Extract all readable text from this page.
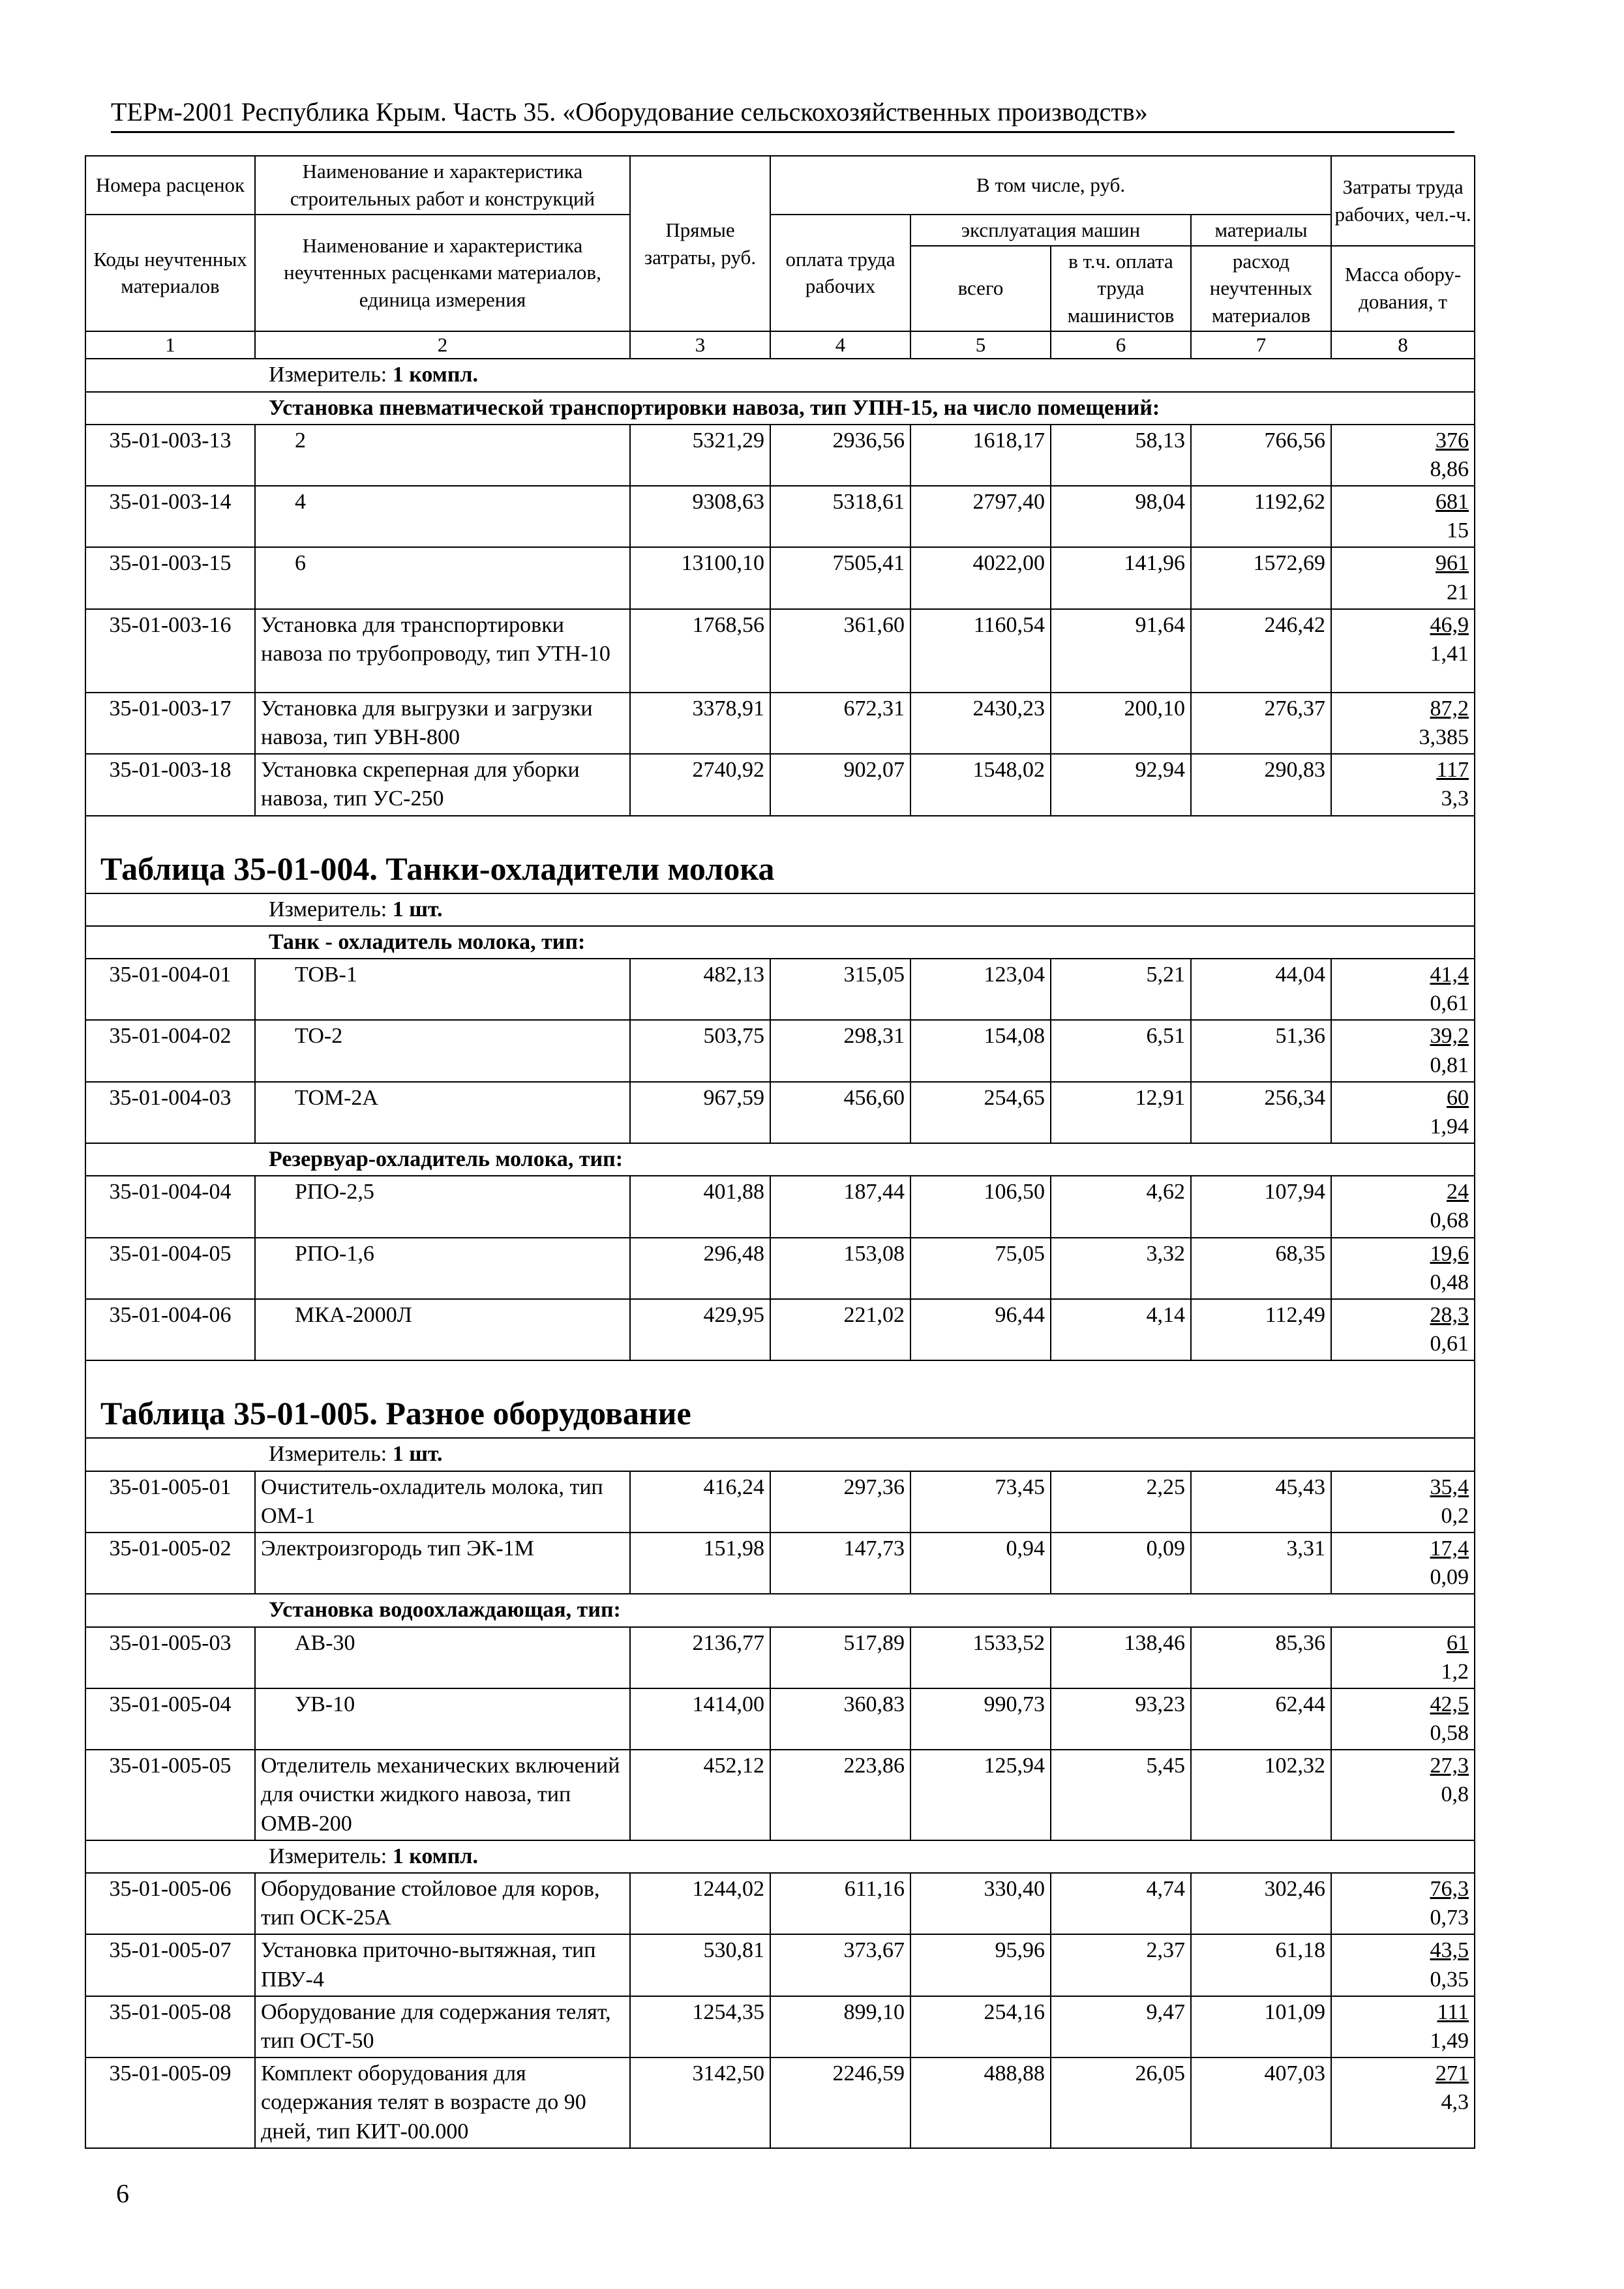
ТЕРм-2001 Республика Крым. Часть 35. «Оборудование сельскохозяйственных производств»
Номера расценок	Наименование и характеристика строительных работ и конструкций	Прямые затраты, руб.	В том числе, руб.				Затраты труда рабочих, чел.-ч.
Коды неучтенных материалов	Наименование и характеристика неучтенных расценками материалов, единица измерения		оплата труда рабочих	эксплуатация машин		материалы	
				всего	в т.ч. оплата труда машинистов	расход неучтенных материалов	Масса обору-дования, т
1	2	3	4	5	6	7	8
Измеритель: 1 компл.							
Установка пневматической транспортировки навоза, тип УПН-15, на число помещений:							
35-01-003-13	2	5321,29	2936,56	1618,17	58,13	766,56	376
8,86

35-01-003-14	4	9308,63	5318,61	2797,40	98,04	1192,62	681
15

35-01-003-15	6	13100,10	7505,41	4022,00	141,96	1572,69	961
21

35-01-003-16	Установка для транспортировки навоза по трубопроводу, тип УТН-10	1768,56	361,60	1160,54	91,64	246,42	46,9
1,41

35-01-003-17	Установка для выгрузки и загрузки навоза, тип УВН-800	3378,91	672,31	2430,23	200,10	276,37	87,2
3,385

35-01-003-18	Установка скреперная для уборки навоза, тип УС-250	2740,92	902,07	1548,02	92,94	290,83	117
3,3

Таблица 35-01-004. Танки-охладители молока							
Измеритель: 1 шт.							
Танк - охладитель молока, тип:							
35-01-004-01	ТОВ-1	482,13	315,05	123,04	5,21	44,04	41,4
0,61

35-01-004-02	ТО-2	503,75	298,31	154,08	6,51	51,36	39,2
0,81

35-01-004-03	ТОМ-2А	967,59	456,60	254,65	12,91	256,34	60
1,94

Резервуар-охладитель молока, тип:							
35-01-004-04	РПО-2,5	401,88	187,44	106,50	4,62	107,94	24
0,68

35-01-004-05	РПО-1,6	296,48	153,08	75,05	3,32	68,35	19,6
0,48

35-01-004-06	МКА-2000Л	429,95	221,02	96,44	4,14	112,49	28,3
0,61

Таблица 35-01-005. Разное оборудование							
Измеритель: 1 шт.							
35-01-005-01	Очиститель-охладитель молока, тип ОМ-1	416,24	297,36	73,45	2,25	45,43	35,4
0,2

35-01-005-02	Электроизгородь тип ЭК-1М	151,98	147,73	0,94	0,09	3,31	17,4
0,09

Установка водоохлаждающая, тип:							
35-01-005-03	АВ-30	2136,77	517,89	1533,52	138,46	85,36	61
1,2

35-01-005-04	УВ-10	1414,00	360,83	990,73	93,23	62,44	42,5
0,58

35-01-005-05	Отделитель механических включений для очистки жидкого навоза, тип ОМВ-200	452,12	223,86	125,94	5,45	102,32	27,3
0,8

Измеритель: 1 компл.							
35-01-005-06	Оборудование стойловое для коров, тип ОСК-25А	1244,02	611,16	330,40	4,74	302,46	76,3
0,73

35-01-005-07	Установка приточно-вытяжная, тип ПВУ-4	530,81	373,67	95,96	2,37	61,18	43,5
0,35

35-01-005-08	Оборудование для содержания телят, тип ОСТ-50	1254,35	899,10	254,16	9,47	101,09	111
1,49

35-01-005-09	Комплект оборудования для содержания телят в возрасте до 90 дней, тип КИТ-00.000	3142,50	2246,59	488,88	26,05	407,03	271
4,3
6
